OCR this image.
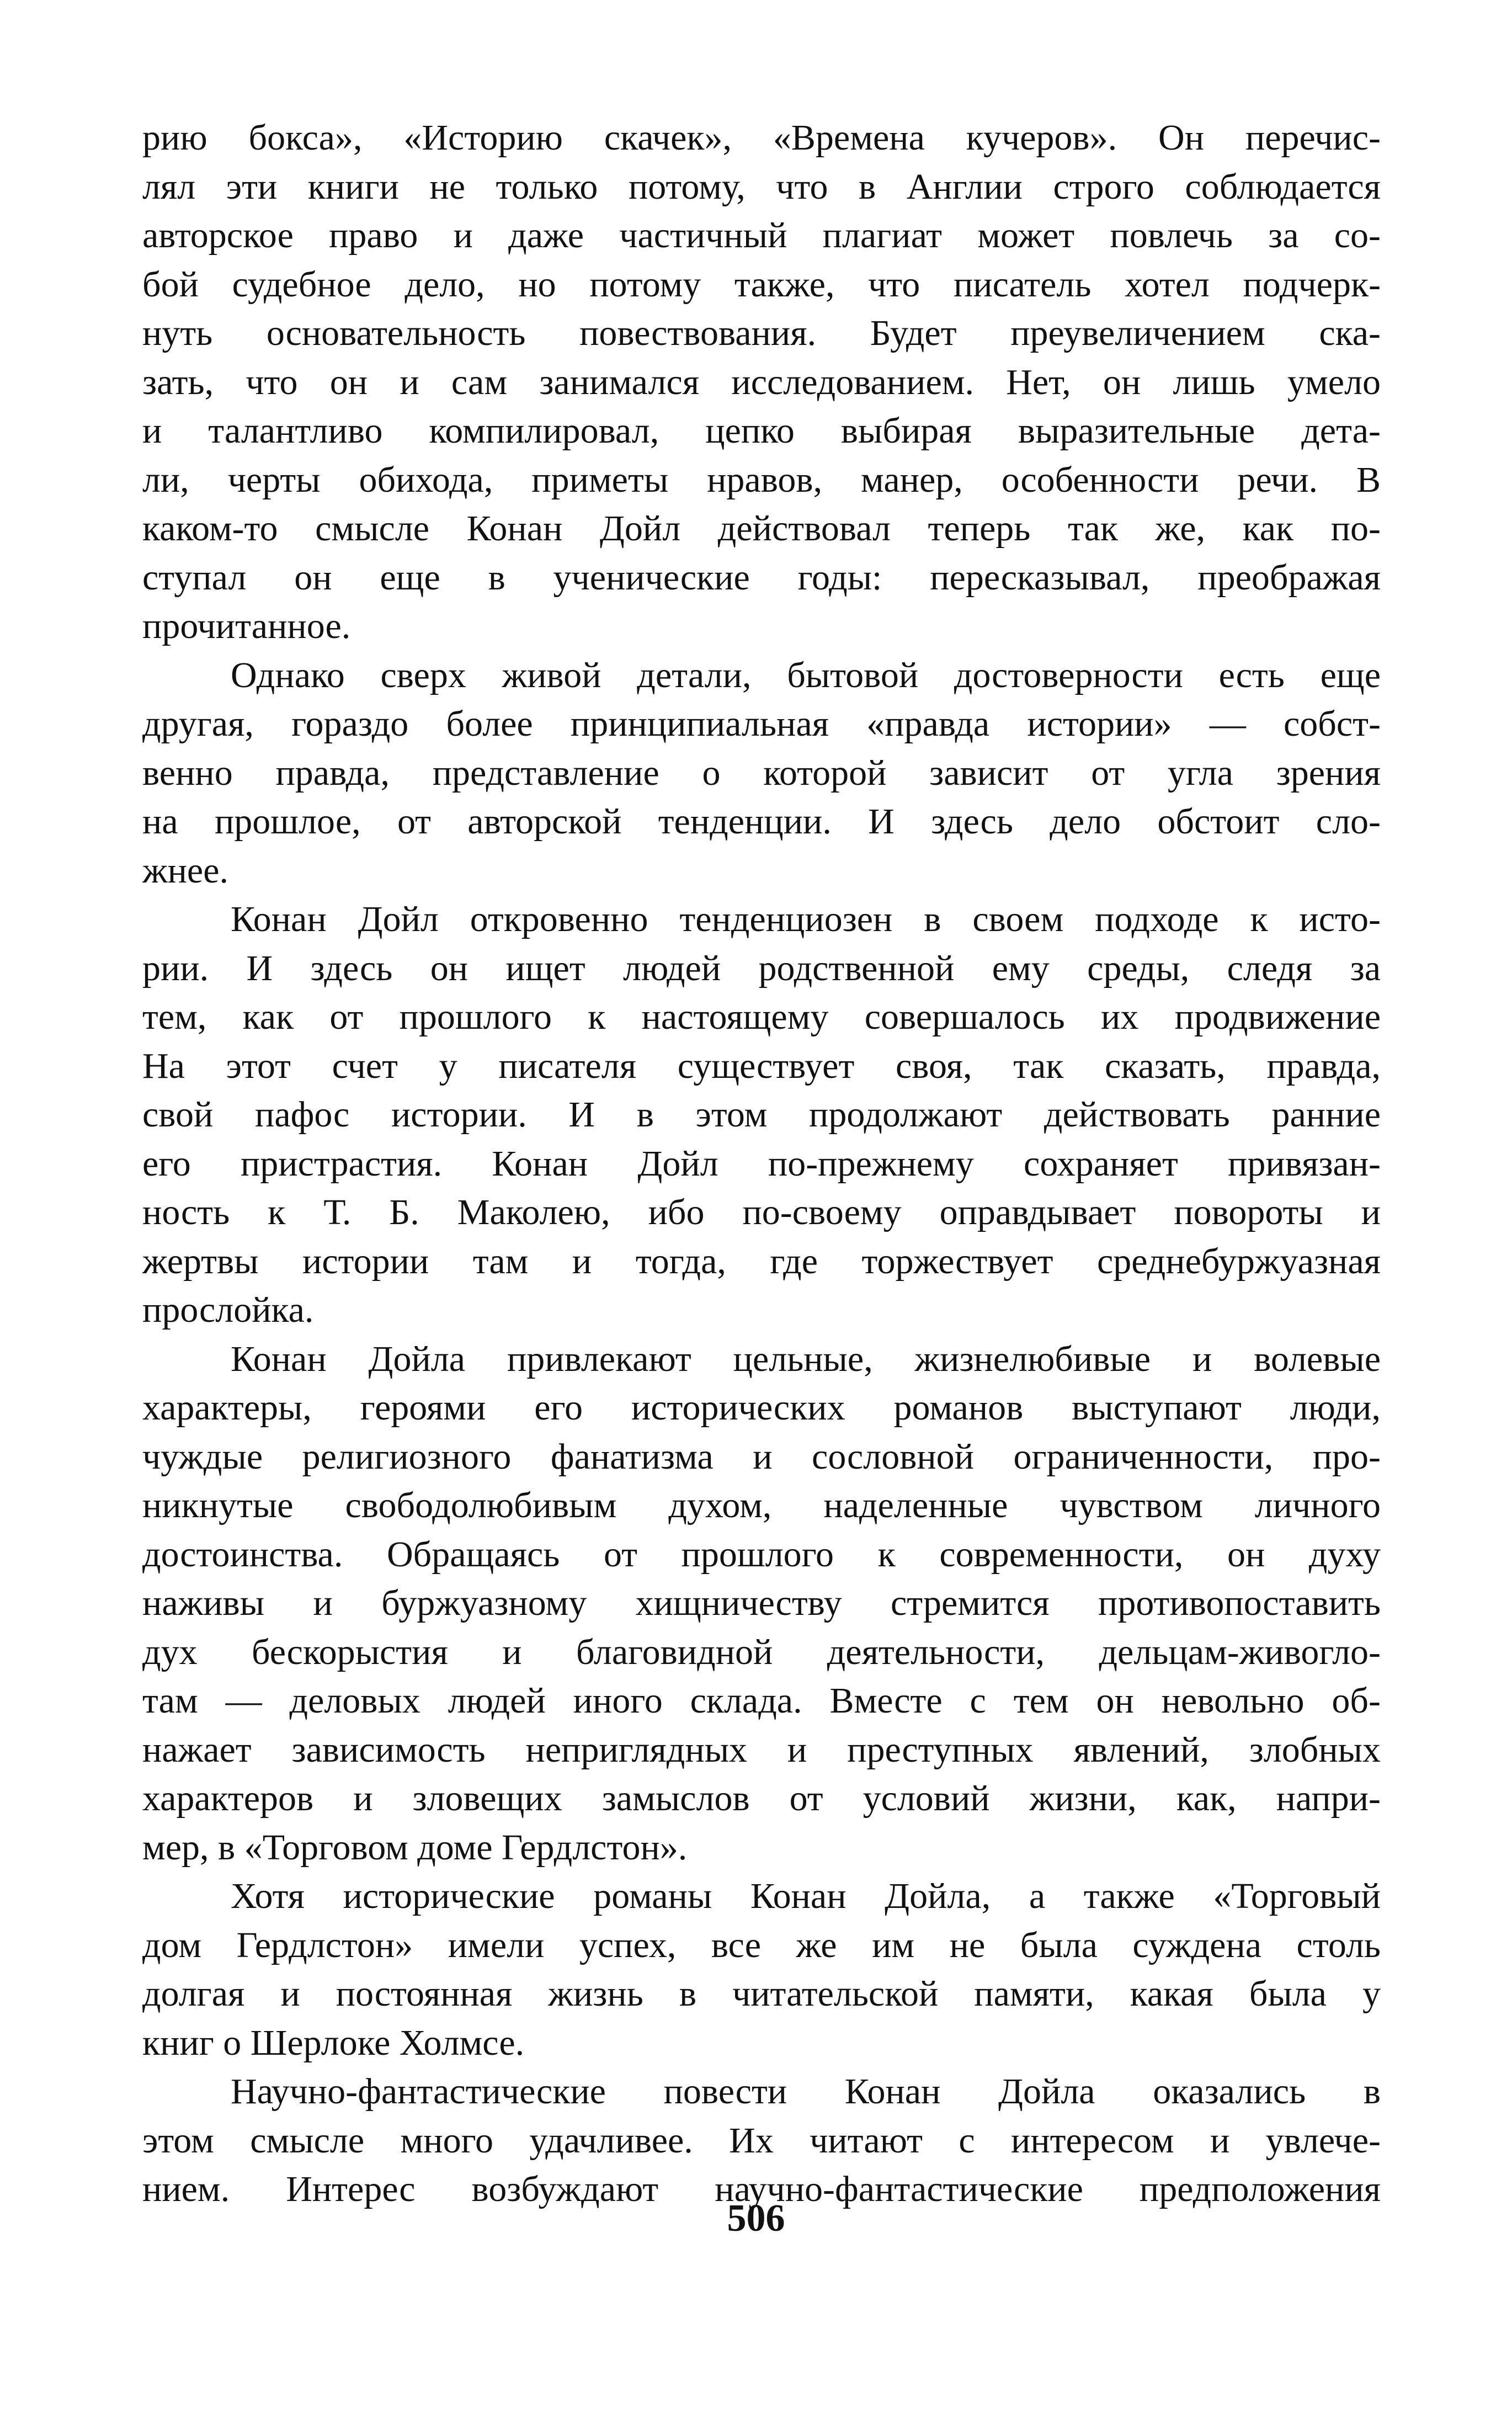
рию бокса», «Историю скачек», «Времена кучеров». Он перечис-
лял эти книги не только потому, что в Англии строго соблюдается
авторское право и даже частичный плагиат может повлечь за со-
бой судебное дело, но потому также, что писатель хотел подчерк-
нуть основательность повествования. Будет преувеличением ска-
зать, что он и сам занимался исследованием. Нет, он лишь умело
и талантливо компилировал, цепко выбирая выразительные дета-
ли, черты обихода, приметы нравов, манер, особенности речи. В
каком-то смысле Конан Дойл действовал теперь так же, как по-
ступал он еще в ученические годы: пересказывал, преображая
прочитанное.

Однако сверх живой детали, бытовой достоверности есть еще
другая, гораздо более принципиальная «правда истории» — собст-
венно правда, представление о которой зависит от угла зрения
на прошлое, от авторской тенденции. И здесь дело обстоит сло-
жнее.

Конан Дойл откровенно тенденциозен в своем подходе к исто-
рии. И здесь он ищет людей родственной ему среды, следя за
тем, как от прошлого к настоящему совершалось их продвижение
На этот счет у писателя существует своя, так сказать, правда,
свой пафос истории. И в этом продолжают действовать ранние
его пристрастия. Конан Дойл по-прежнему сохраняет привязан-
ность к Т. Б. Маколею, ибо по-своему оправдывает повороты и
жертвы истории там и тогда, где торжествует среднебуржуазная
прослойка.

Конан Дойла привлекают цельные, жизнелюбивые и волевые
характеры, героями его исторических романов выступают люди,
чуждые религиозного фанатизма и сословной ограниченности, про-
никнутые свободолюбивым духом, наделенные чувством личного
достоинства. Обращаясь от прошлого к современности, он духу
наживы и буржуазному хищничеству стремится противопоставить
дух бескорыстия и благовидной деятельности, дельцам-живогло-
там — деловых людей иного склада. Вместе с тем он невольно об-
нажает зависимость неприглядных и преступных явлений, злобных
характеров и зловещих замыслов от условий жизни, как, напри-
мер, в «Торговом доме Гердлстон».

Хотя исторические романы Конан Дойла, а также «Торговый
дом Гердлстон» имели успех, все же им не была суждена столь
долгая и постоянная жизнь в читательской памяти, какая была у
книг о Шерлоке Холмсе.

Научно-фантастические повести Конан Дойла оказались в
этом смысле много удачливее. Их читают с интересом и увлече-
нием. Интерес возбуждают научно-фантастические предположения

506
